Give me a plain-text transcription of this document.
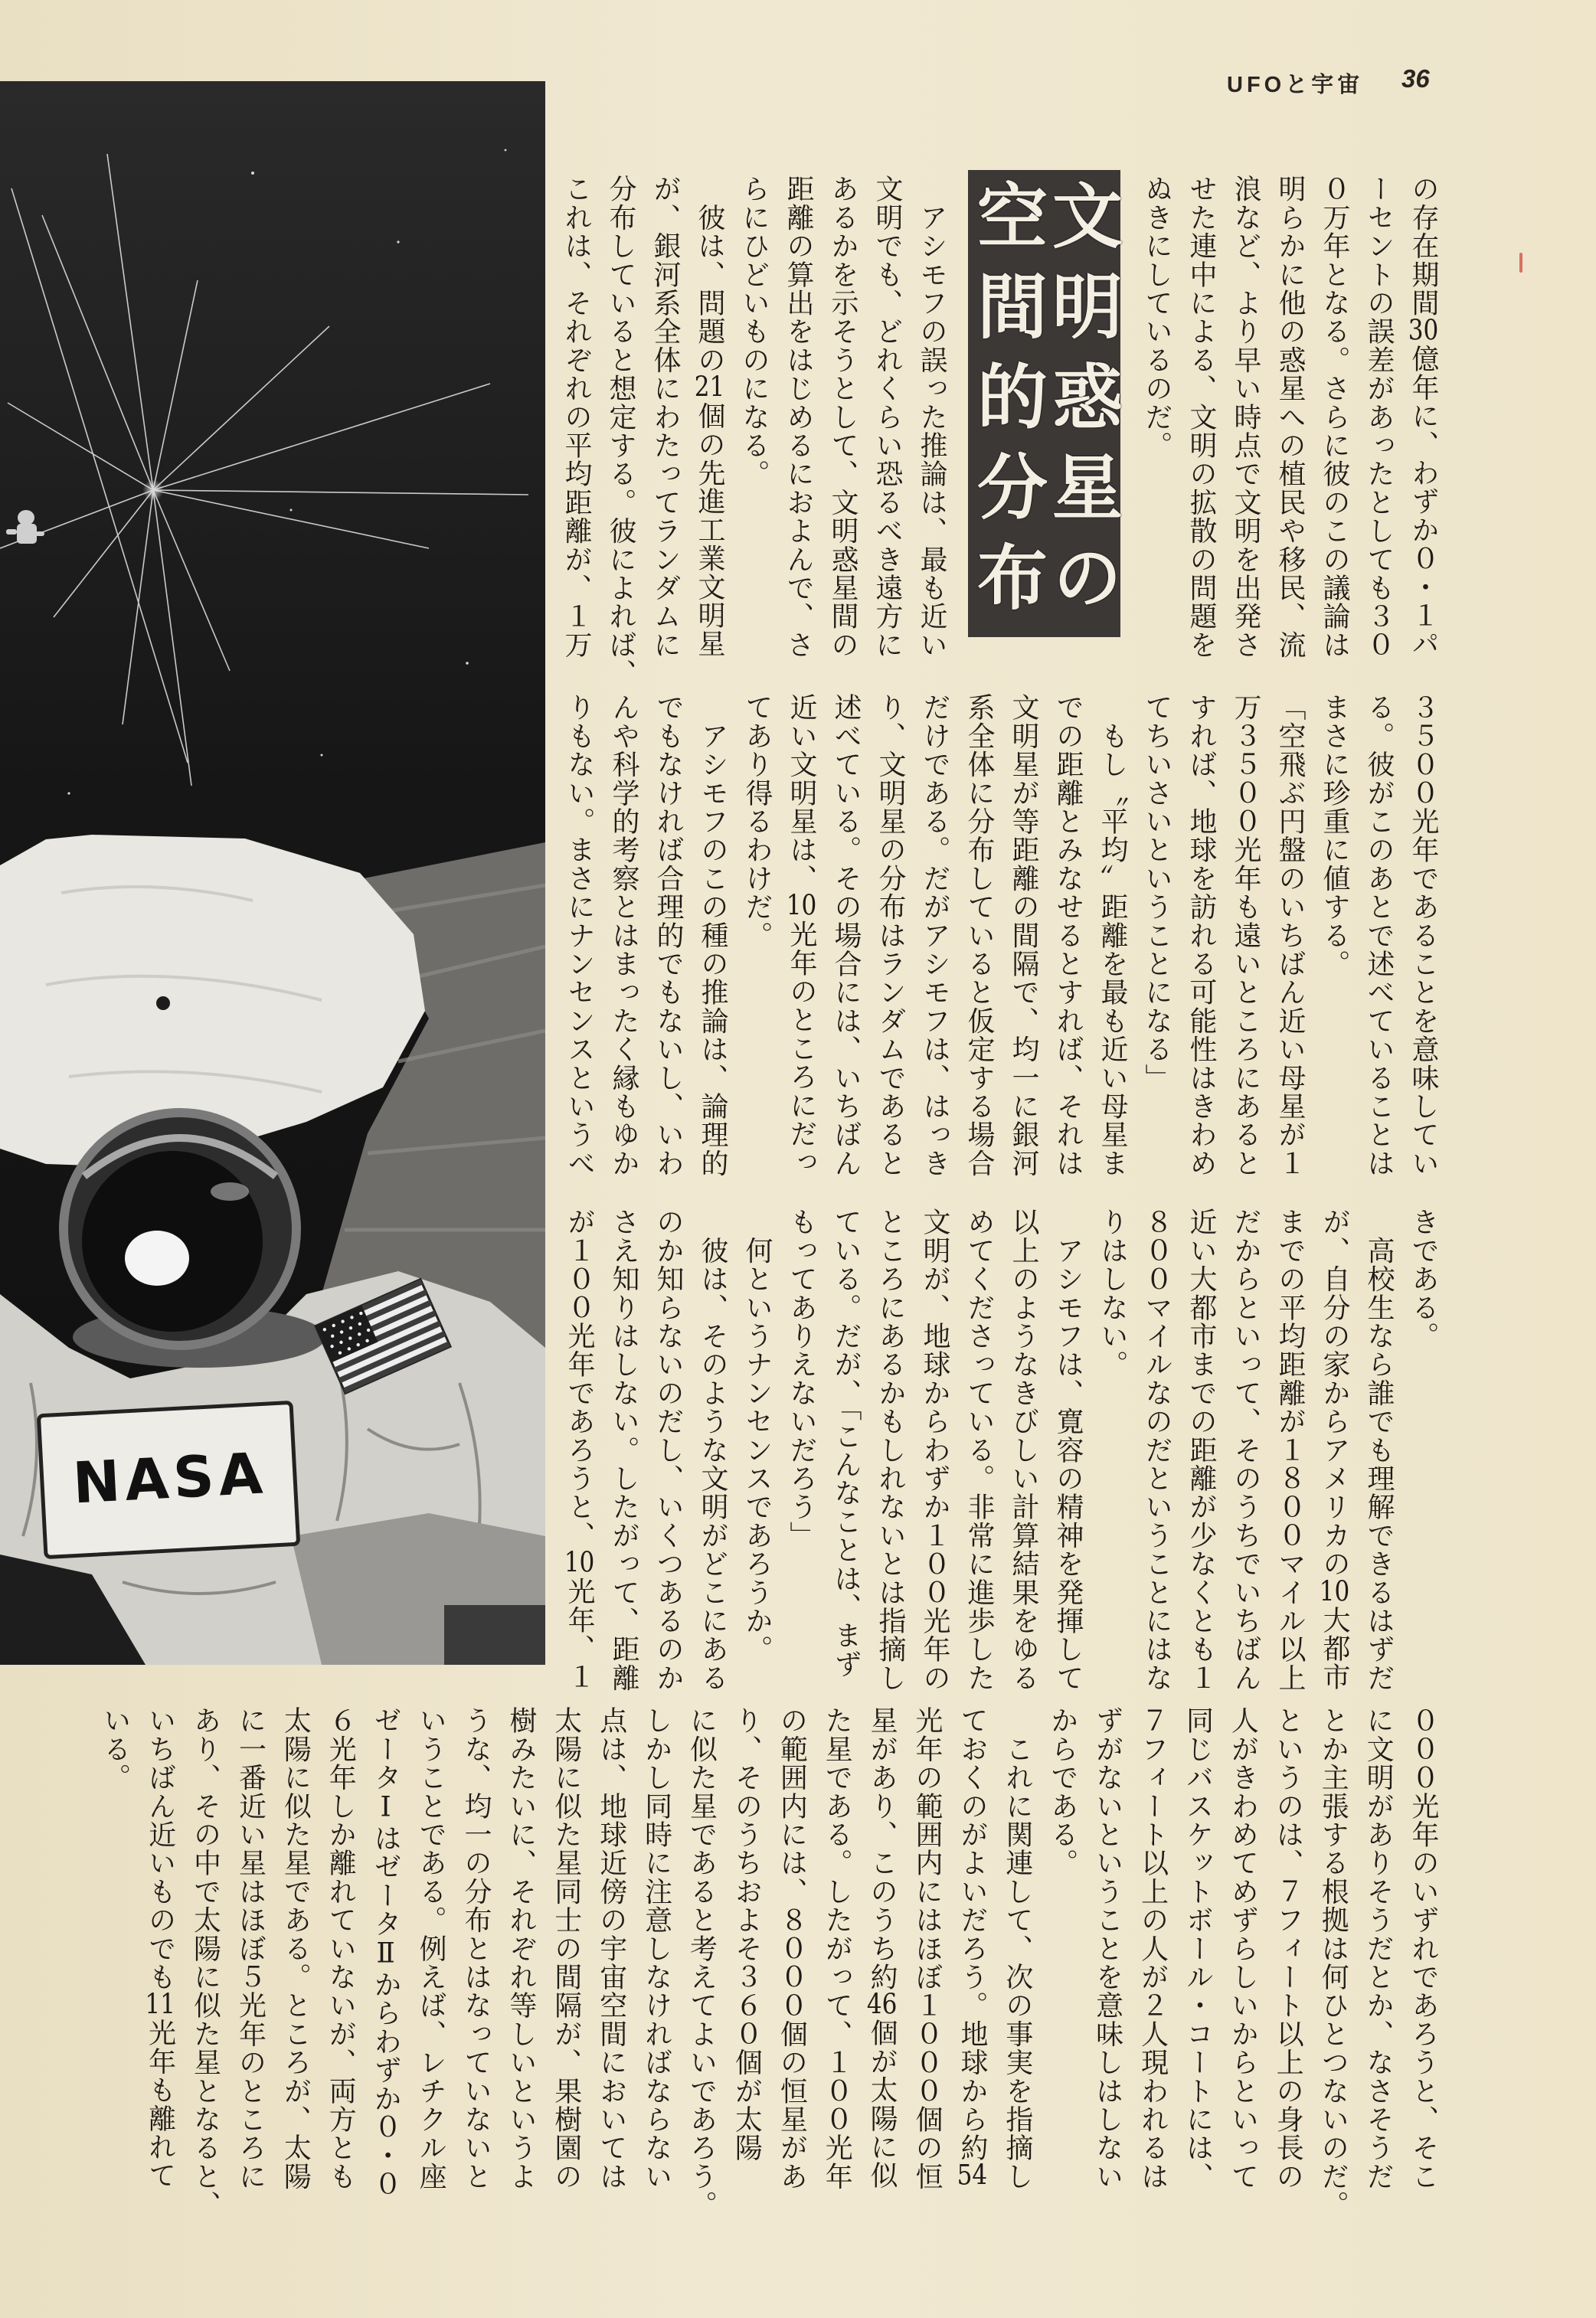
UFOと宇宙 36
NASA
文明惑星の
空間的分布	の存在期間30億年に、わずか０・１パ
ーセントの誤差があったとしても３０
０万年となる。さらに彼のこの議論は
明らかに他の惑星への植民や移民、流
浪など、より早い時点で文明を出発さ
せた連中による、文明の拡散の問題を
ぬきにしているのだ。
　アシモフの誤った推論は、最も近い
文明でも、どれくらい恐るべき遠方に
あるかを示そうとして、文明惑星間の
距離の算出をはじめるにおよんで、さ
らにひどいものになる。
　彼は、問題の21個の先進工業文明星
が、銀河系全体にわたってランダムに
分布していると想定する。彼によれば、
これは、それぞれの平均距離が、１万
３５００光年であることを意味してい
る。彼がこのあとで述べていることは
まさに珍重に値する。
「空飛ぶ円盤のいちばん近い母星が１
万３５００光年も遠いところにあると
すれば、地球を訪れる可能性はきわめ
てちいさいということになる」
　もし〝平均〟距離を最も近い母星ま
での距離とみなせるとすれば、それは
文明星が等距離の間隔で、均一に銀河
系全体に分布していると仮定する場合
だけである。だがアシモフは、はっき
り、文明星の分布はランダムであると
述べている。その場合には、いちばん
近い文明星は、10光年のところにだっ
てあり得るわけだ。
　アシモフのこの種の推論は、論理的
でもなければ合理的でもないし、いわ
んや科学的考察とはまったく縁もゆか
りもない。まさにナンセンスというべ
きである。
　高校生なら誰でも理解できるはずだ
が、自分の家からアメリカの10大都市
までの平均距離が１８００マイル以上
だからといって、そのうちでいちばん
近い大都市までの距離が少なくとも１
８００マイルなのだということにはな
りはしない。
　アシモフは、寛容の精神を発揮して
以上のようなきびしい計算結果をゆる
めてくださっている。非常に進歩した
文明が、地球からわずか１００光年の
ところにあるかもしれないとは指摘し
ている。だが、「こんなことは、まず
もってありえないだろう」
　何というナンセンスであろうか。
　彼は、そのような文明がどこにある
のか知らないのだし、いくつあるのか
さえ知りはしない。したがって、距離
が１００光年であろうと、10光年、１
０００光年のいずれであろうと、そこ
に文明がありそうだとか、なさそうだ
とか主張する根拠は何ひとつないのだ。
というのは、７フィート以上の身長の
人がきわめてめずらしいからといって
同じバスケットボール・コートには、
７フィート以上の人が２人現われるは
ずがないということを意味しはしない
からである。
　これに関連して、次の事実を指摘し
ておくのがよいだろう。地球から約54
光年の範囲内にはほぼ１０００個の恒
星があり、このうち約46個が太陽に似
た星である。したがって、１００光年
の範囲内には、８０００個の恒星があ
り、そのうちおよそ３６０個が太陽
に似た星であると考えてよいであろう。
しかし同時に注意しなければならない
点は、地球近傍の宇宙空間においては
太陽に似た星同士の間隔が、果樹園の
樹みたいに、それぞれ等しいというよ
うな、均一の分布とはなっていないと
いうことである。例えば、レチクル座
ゼータⅠはゼータⅡからわずか０・０
６光年しか離れていないが、両方とも
太陽に似た星である。ところが、太陽
に一番近い星はほぼ５光年のところに
あり、その中で太陽に似た星となると、
いちばん近いものでも11光年も離れて
いる。
